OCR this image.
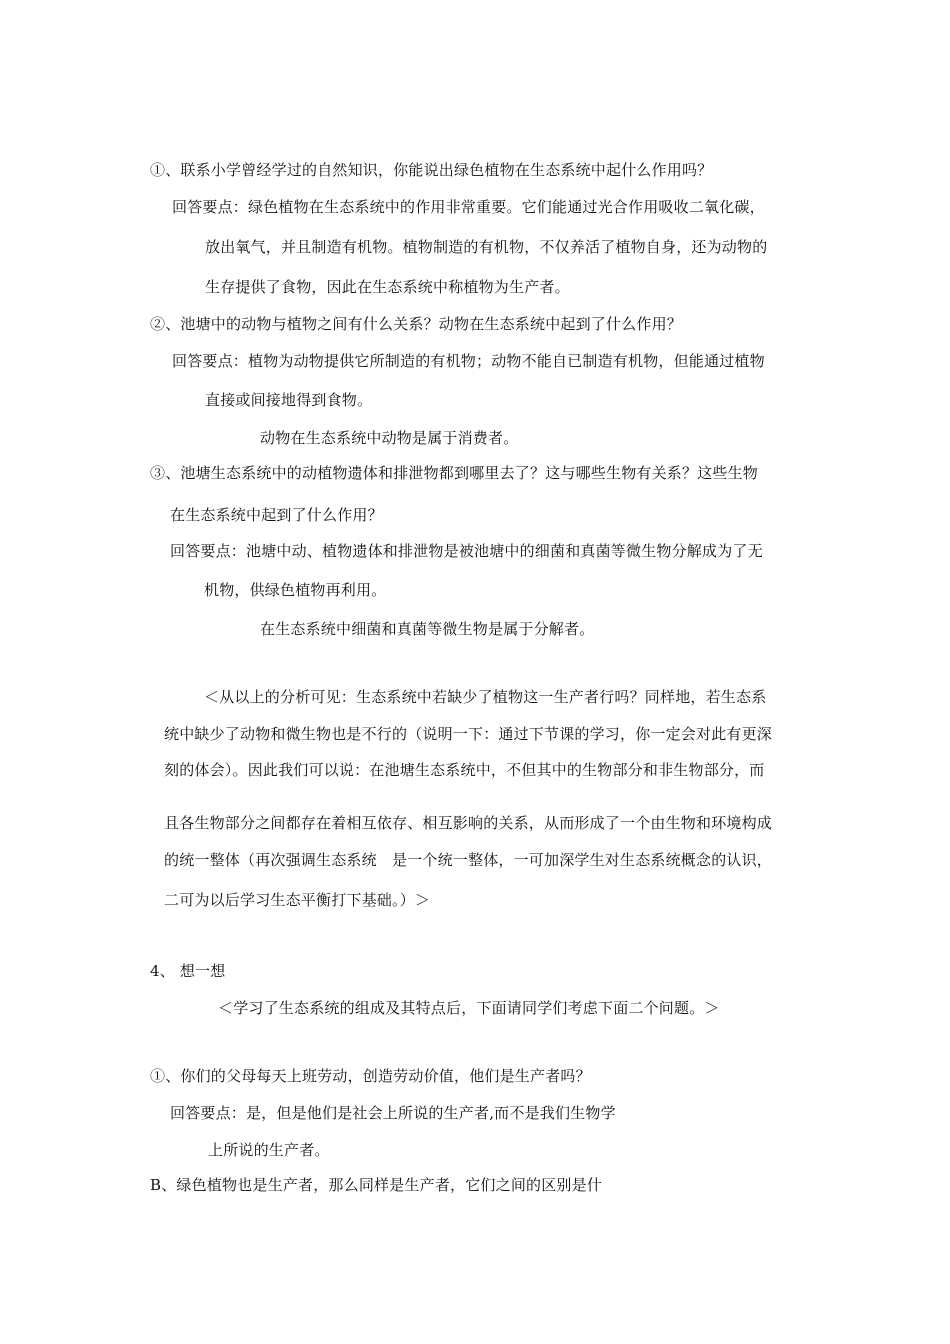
①、联系小学曾经学过的自然知识，你能说出绿色植物在生态系统中起什么作用吗？
回答要点：绿色植物在生态系统中的作用非常重要。它们能通过光合作用吸收二氧化碳，
放出氧气，并且制造有机物。植物制造的有机物，不仅养活了植物自身，还为动物的
生存提供了食物，因此在生态系统中称植物为生产者。
②、池塘中的动物与植物之间有什么关系？动物在生态系统中起到了什么作用？
回答要点：植物为动物提供它所制造的有机物；动物不能自已制造有机物，但能通过植物
直接或间接地得到食物。
动物在生态系统中动物是属于消费者。
③、池塘生态系统中的动植物遗体和排泄物都到哪里去了？这与哪些生物有关系？这些生物
在生态系统中起到了什么作用？
回答要点：池塘中动、植物遗体和排泄物是被池塘中的细菌和真菌等微生物分解成为了无
机物，供绿色植物再利用。
在生态系统中细菌和真菌等微生物是属于分解者。
＜从以上的分析可见：生态系统中若缺少了植物这一生产者行吗？同样地，若生态系
统中缺少了动物和微生物也是不行的（说明一下：通过下节课的学习，你一定会对此有更深
刻的体会）。因此我们可以说：在池塘生态系统中，不但其中的生物部分和非生物部分，而
且各生物部分之间都存在着相互依存、相互影响的关系，从而形成了一个由生物和环境构成
的统一整体（再次强调生态系统　是一个统一整体，一可加深学生对生态系统概念的认识，
二可为以后学习生态平衡打下基础。）＞
4、 想一想
＜学习了生态系统的组成及其特点后，下面请同学们考虑下面二个问题。＞
①、你们的父母每天上班劳动，创造劳动价值，他们是生产者吗？
回答要点：是，但是他们是社会上所说的生产者,而不是我们生物学
上所说的生产者。
B、绿色植物也是生产者，那么同样是生产者，它们之间的区别是什
